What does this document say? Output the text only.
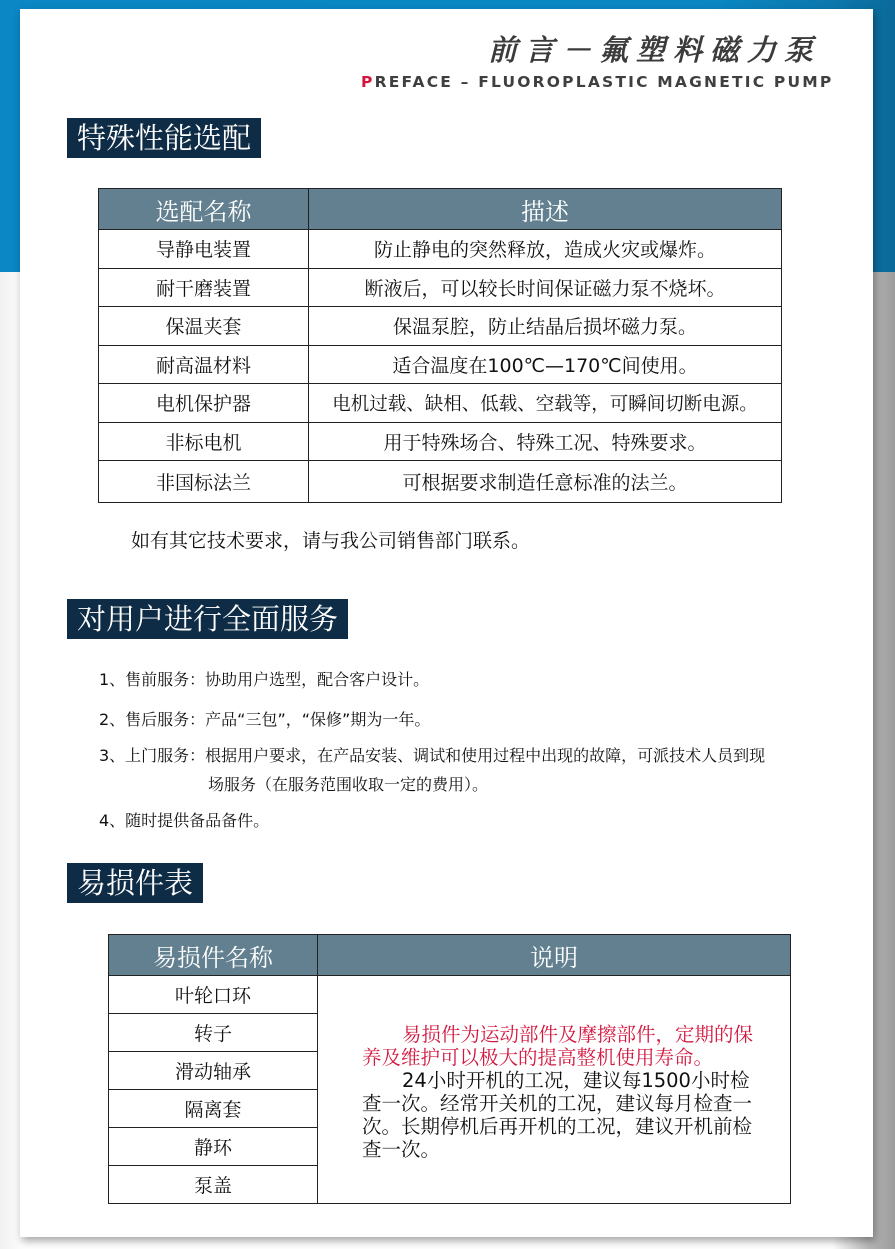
前言－氟塑料磁力泵
PREFACE – FLUOROPLASTIC MAGNETIC PUMP
特殊性能选配
选配名称	描述
导静电装置	防止静电的突然释放，造成火灾或爆炸。
耐干磨装置	断液后，可以较长时间保证磁力泵不烧坏。
保温夹套	保温泵腔，防止结晶后损坏磁力泵。
耐高温材料	适合温度在100℃—170℃间使用。
电机保护器	电机过载、缺相、低载、空载等，可瞬间切断电源。
非标电机	用于特殊场合、特殊工况、特殊要求。
非国标法兰	可根据要求制造任意标准的法兰。
如有其它技术要求，请与我公司销售部门联系。
对用户进行全面服务
1、售前服务：协助用户选型，配合客户设计。
2、售后服务：产品“三包”，“保修”期为一年。
3、上门服务：根据用户要求，在产品安装、调试和使用过程中出现的故障，可派技术人员到现
场服务（在服务范围收取一定的费用）。
4、随时提供备品备件。
易损件表
易损件名称	说明
叶轮口环	易损件为运动部件及摩擦部件，定期的保养及维护可以极大的提高整机使用寿命。
24小时开机的工况，建议每1500小时检查一次。经常开关机的工况，建议每月检查一次。长期停机后再开机的工况，建议开机前检查一次。

转子	
滑动轴承	
隔离套	
静环	
泵盖	
